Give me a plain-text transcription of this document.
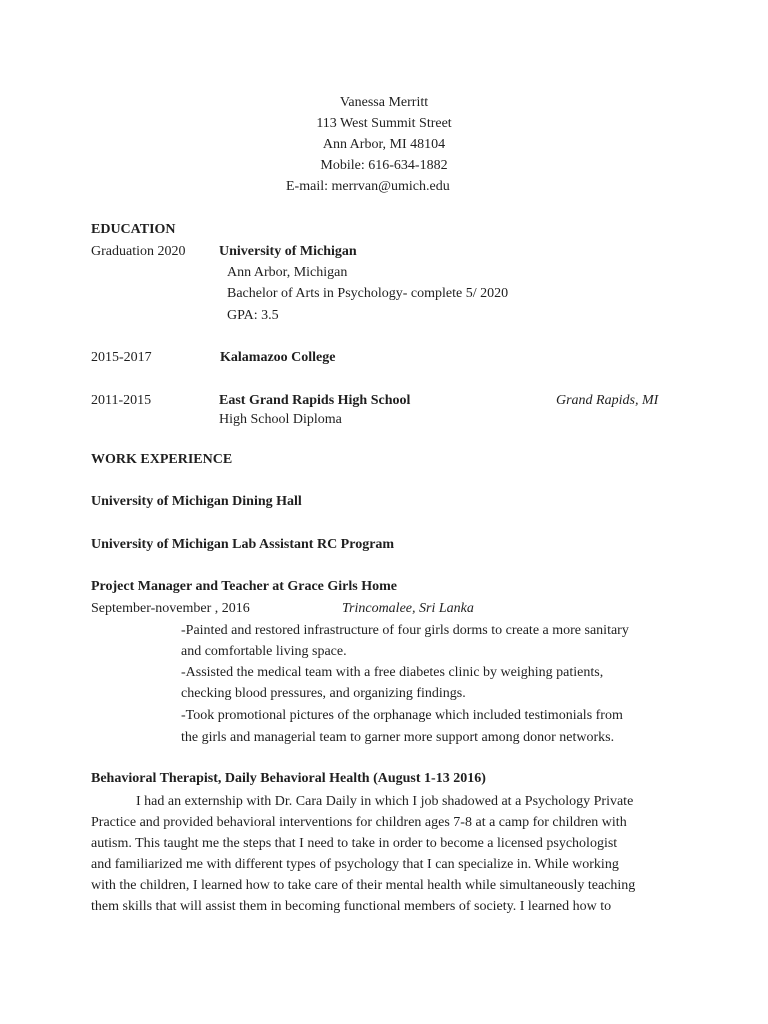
Vanessa Merritt
113 West Summit Street
Ann Arbor, MI 48104
Mobile: 616-634-1882
E-mail: merrvan@umich.edu
EDUCATION
Graduation 2020 University of Michigan
Ann Arbor, Michigan
Bachelor of Arts in Psychology- complete 5/ 2020
GPA: 3.5
2015-2017	Kalamazoo College
2011-2015	East Grand Rapids High School	Grand Rapids, MI
High School Diploma
WORK EXPERIENCE
University of Michigan Dining Hall
University of Michigan Lab Assistant RC Program
Project Manager and Teacher at Grace Girls Home
September-november , 2016	Trincomalee, Sri Lanka
-Painted and restored infrastructure of four girls dorms to create a more sanitary
and comfortable living space.
-Assisted the medical team with a free diabetes clinic by weighing patients,
checking blood pressures, and organizing findings.
-Took promotional pictures of the orphanage which included testimonials from
the girls and managerial team to garner more support among donor networks.
Behavioral Therapist, Daily Behavioral Health (August 1-13 2016)
I had an externship with Dr. Cara Daily in which I job shadowed at a Psychology Private
Practice and provided behavioral interventions for children ages 7-8 at a camp for children with
autism. This taught me the steps that I need to take in order to become a licensed psychologist
and familiarized me with different types of psychology that I can specialize in. While working
with the children, I learned how to take care of their mental health while simultaneously teaching
them skills that will assist them in becoming functional members of society. I learned how to
